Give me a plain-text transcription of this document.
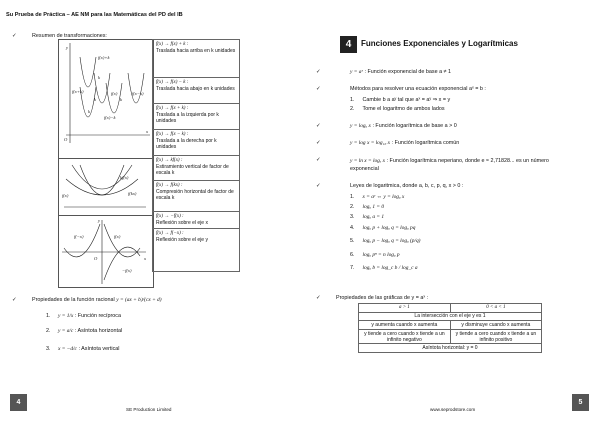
Su Prueba de Práctica – AE NM para las Matemáticas del PD del IB
✓	Resumen de transformaciones:
y
f(x)+k
f(x+k)	f(x)	f(x−k)
f(x)−k
x
O
k
k	k
k
kf(x)
f(kx)
f(x)
y
f(−x)	f(x)
O	x
−f(x)
f(x) → f(x) + k :
Traslada hacia arriba en k unidades
f(x) → f(x) − k :
Traslada hacia abajo en k unidades
f(x) → f(x + k) :
Traslada a la izquierda por k unidades
f(x) → f(x − k) :
Traslada a la derecha por k unidades
f(x) → kf(x) :
Estiramiento vertical de factor de escala k
f(x) → f(kx) :
Compresión horizontal de factor de escala k
f(x) → −f(x) :
Reflexión sobre el eje x
f(x) → f(−x) :
Reflexión sobre el eje y
✓	Propiedades de la función racional y = (ax + b)/(cx + d)
1. y = 1/x : Función recíproca
2. y = a/c : Asíntota horizontal
3. x = −d/c : Asíntota vertical
4
SE Production Limited
4	Funciones Exponenciales y Logarítmicas
✓	y = aˣ : Función exponencial de base a ≠ 1
✓	Métodos para resolver una ecuación exponencial aˣ = b :
1. Cambie b a aʸ tal que aˣ = aʸ ⇒ x = y
2. Tome el logaritmo de ambos lados
✓	y = logₐ x : Función logarítmica de base a > 0
✓	y = log x = log₁₀ x : Función logarítmica común
✓	y = ln x = logₑ x : Función logarítmica neperiano, donde e ≈ 2,71828... es un número exponencial
✓	Leyes de logaritmica, donde a, b, c, p, q, x > 0 :
1. x = aʸ ⇔ y = logₐ x
2. logₐ 1 = 0
3. logₐ a = 1
4. logₐ p + logₐ q = logₐ pq
5. logₐ p − logₐ q = logₐ (p/q)
6. logₐ pⁿ = n logₐ p
7. logₐ b = log_c b / log_c a
✓	Propiedades de las gráficas de y = aˣ :
a > 1	0 < a < 1
La intersección con el eje y es 1	
y aumenta cuando x aumenta	y disminuye cuando x aumenta
y tiende a cero cuando x tiende a un infinito negativo	y tiende a cero cuando x tiende a un infinito positivo
Asíntota horizontal: y = 0	
5
www.seprodstore.com
